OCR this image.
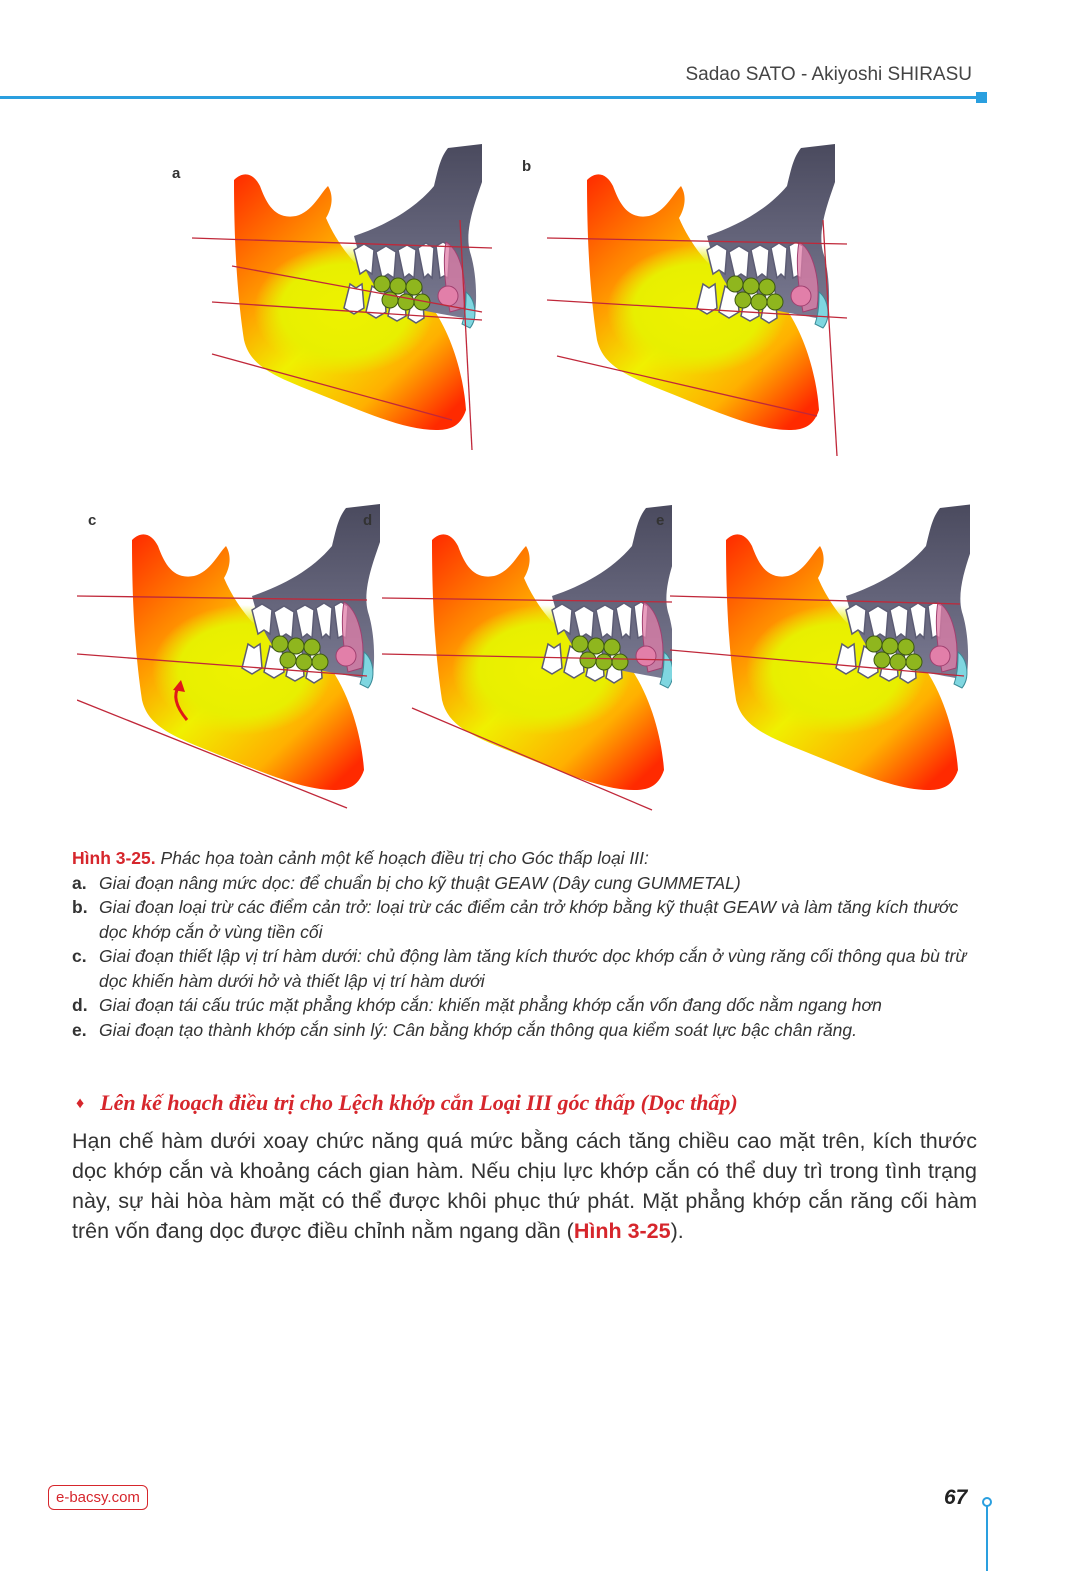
Sadao SATO - Akiyoshi SHIRASU
a	b
c	d	e
Hình 3-25. Phác họa toàn cảnh một kế hoạch điều trị cho Góc thấp loại III:
a. Giai đoạn nâng mức dọc: để chuẩn bị cho kỹ thuật GEAW (Dây cung GUMMETAL)
b. Giai đoạn loại trừ các điểm cản trở: loại trừ các điểm cản trở khớp bằng kỹ thuật GEAW và làm tăng kích thước dọc khớp cắn ở vùng tiền cối
c. Giai đoạn thiết lập vị trí hàm dưới: chủ động làm tăng kích thước dọc khớp cắn ở vùng răng cối thông qua bù trừ dọc khiến hàm dưới hở và thiết lập vị trí hàm dưới
d. Giai đoạn tái cấu trúc mặt phẳng khớp cắn: khiến mặt phẳng khớp cắn vốn đang dốc nằm ngang hơn
e. Giai đoạn tạo thành khớp cắn sinh lý: Cân bằng khớp cắn thông qua kiểm soát lực bậc chân răng.
♦ Lên kế hoạch điều trị cho Lệch khớp cắn Loại III góc thấp (Dọc thấp)
Hạn chế hàm dưới xoay chức năng quá mức bằng cách tăng chiều cao mặt trên, kích thước dọc khớp cắn và khoảng cách gian hàm. Nếu chịu lực khớp cắn có thể duy trì trong tình trạng này, sự hài hòa hàm mặt có thể được khôi phục thứ phát. Mặt phẳng khớp cắn răng cối hàm trên vốn đang dọc được điều chỉnh nằm ngang dần (Hình 3-25).
e-bacsy.com	67
